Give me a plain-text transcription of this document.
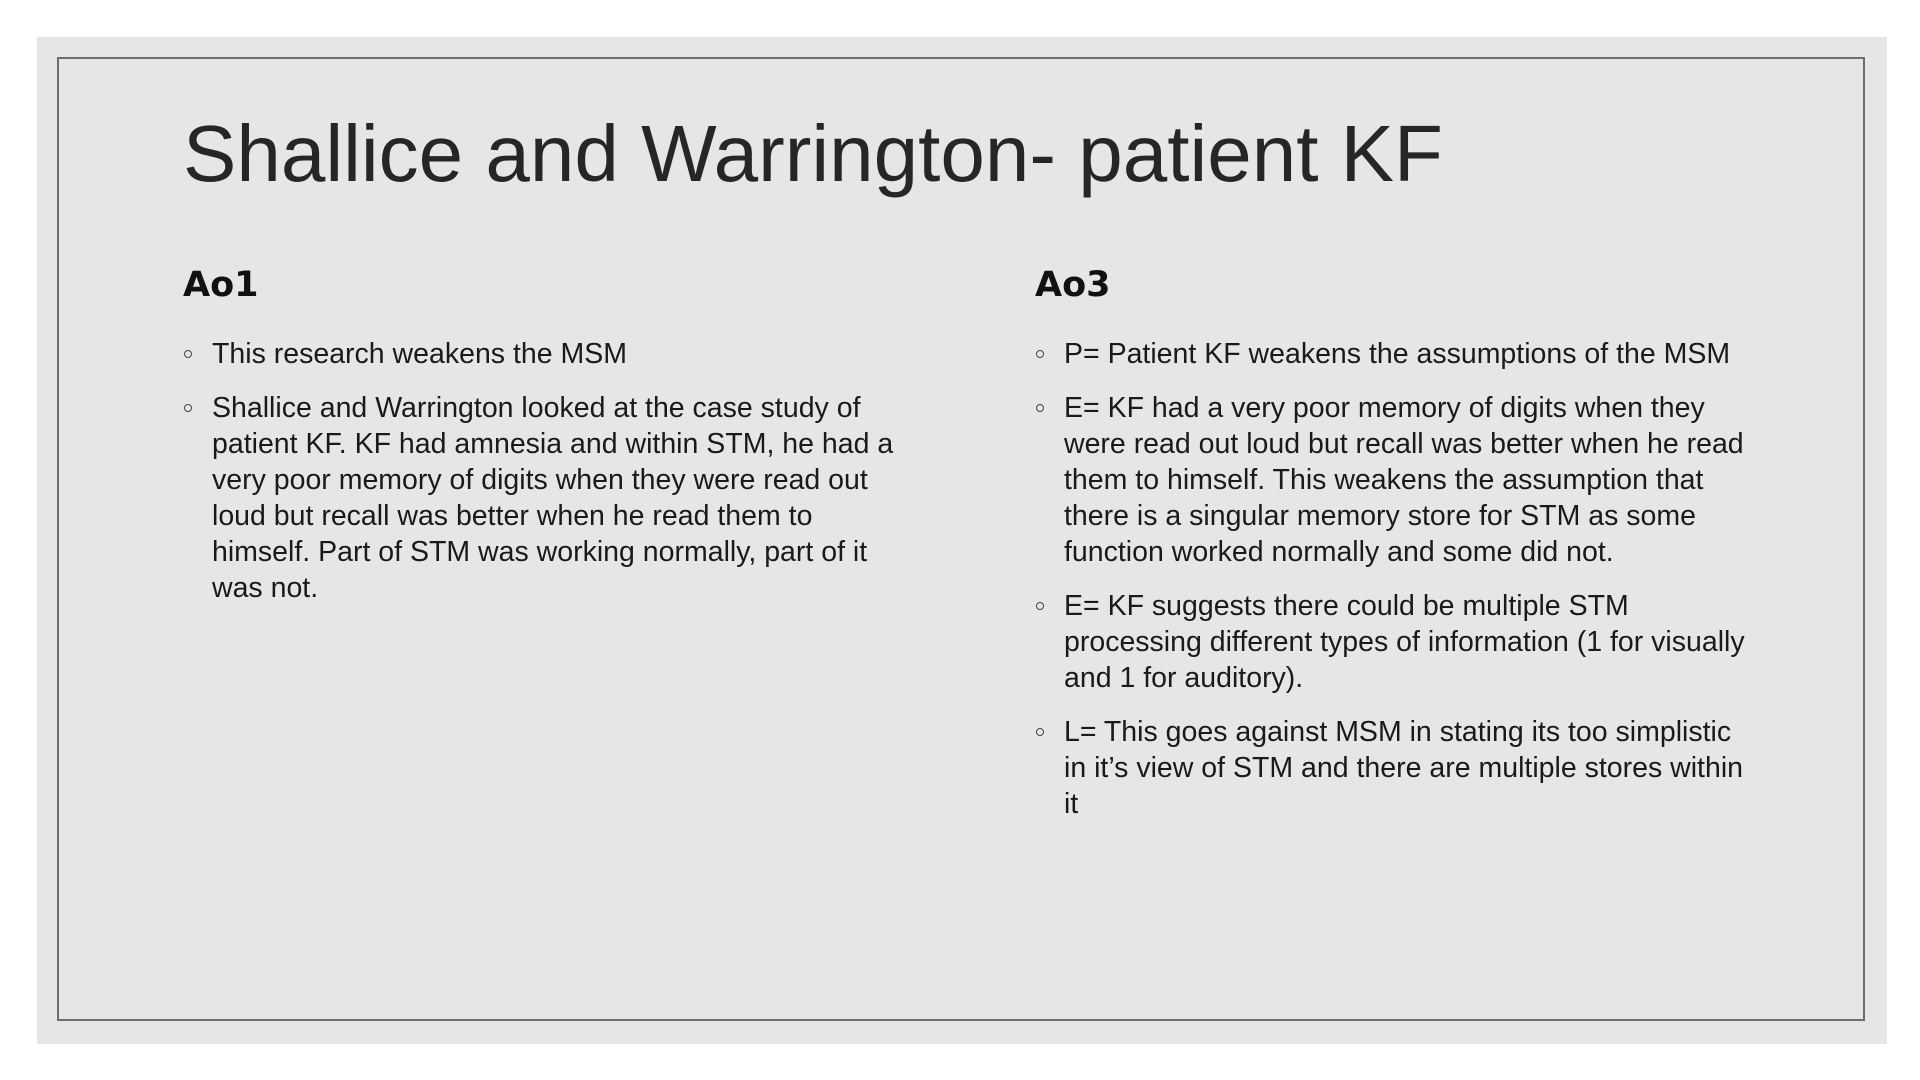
Shallice and Warrington- patient KF
Ao1
This research weakens the MSM
Shallice and Warrington looked at the case study of patient KF. KF had amnesia and within STM, he had a very poor memory of digits when they were read out loud but recall was better when he read them to himself. Part of STM was working normally, part of it was not.
Ao3
P= Patient KF weakens the assumptions of the MSM
E= KF had a very poor memory of digits when they were read out loud but recall was better when he read them to himself. This weakens the assumption that there is a singular memory store for STM as some function worked normally and some did not.
E= KF suggests there could be multiple STM processing different types of information (1 for visually and 1 for auditory).
L= This goes against MSM in stating its too simplistic in it’s view of STM and there are multiple stores within it
